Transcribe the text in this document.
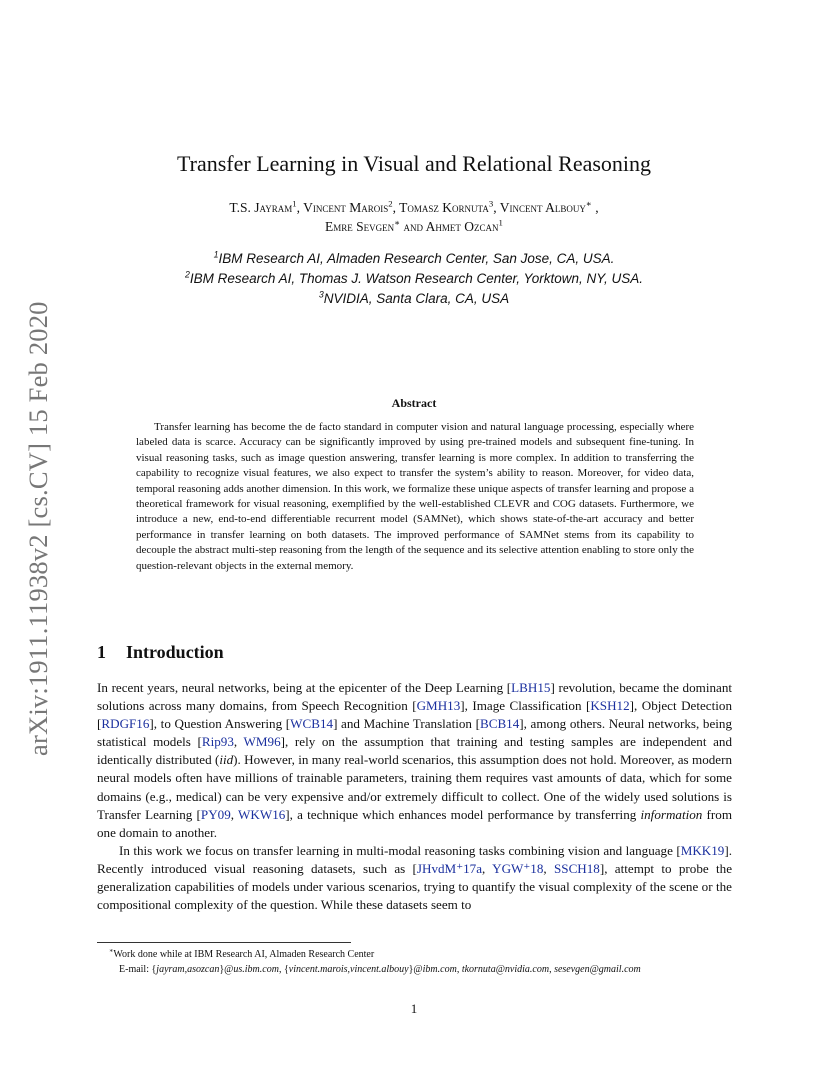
arXiv:1911.11938v2 [cs.CV] 15 Feb 2020
Transfer Learning in Visual and Relational Reasoning
T.S. Jayram$^1$, Vincent Marois$^2$, Tomasz Kornuta$^3$, Vincent Albouy∗ ,
Emre Sevgen∗ and Ahmet Ozcan$^1$
$^1$IBM Research AI, Almaden Research Center, San Jose, CA, USA.
$^2$IBM Research AI, Thomas J. Watson Research Center, Yorktown, NY, USA.
$^3$NVIDIA, Santa Clara, CA, USA
Abstract

Transfer learning has become the de facto standard in computer vision and natural language processing, especially where labeled data is scarce. Accuracy can be significantly improved by using pre-trained models and subsequent fine-tuning. In visual reasoning tasks, such as image question answering, transfer learning is more complex. In addition to transferring the capability to recognize visual features, we also expect to transfer the system’s ability to reason. Moreover, for video data, temporal reasoning adds another dimension. In this work, we formalize these unique aspects of transfer learning and propose a theoretical framework for visual reasoning, exemplified by the well-established CLEVR and COG datasets. Furthermore, we introduce a new, end-to-end differentiable recurrent model (SAMNet), which shows state-of-the-art accuracy and better performance in transfer learning on both datasets. The improved performance of SAMNet stems from its capability to decouple the abstract multi-step reasoning from the length of the sequence and its selective attention enabling to store only the question-relevant objects in the external memory.

1 Introduction

In recent years, neural networks, being at the epicenter of the Deep Learning [LBH15] revolution, became the dominant solutions across many domains, from Speech Recognition [GMH13], Image Classification [KSH12], Object Detection [RDGF16], to Question Answering [WCB14] and Machine Translation [BCB14], among others. Neural networks, being statistical models [Rip93, WM96], rely on the assumption that training and testing samples are independent and identically distributed (iid). However, in many real-world scenarios, this assumption does not hold. Moreover, as modern neural models often have millions of trainable parameters, training them requires vast amounts of data, which for some domains (e.g., medical) can be very expensive and/or extremely difficult to collect. One of the widely used solutions is Transfer Learning [PY09, WKW16], a technique which enhances model performance by transferring information from one domain to another.

In this work we focus on transfer learning in multi-modal reasoning tasks combining vision and language [MKK19]. Recently introduced visual reasoning datasets, such as [JHvdM⁺17a, YGW⁺18, SSCH18], attempt to probe the generalization capabilities of models under various scenarios, trying to quantify the visual complexity of the scene or the compositional complexity of the question. While these datasets seem to

∗Work done while at IBM Research AI, Almaden Research Center
E-mail: {jayram,asozcan}@us.ibm.com, {vincent.marois,vincent.albouy}@ibm.com, tkornuta@nvidia.com, sesevgen@gmail.com
1
